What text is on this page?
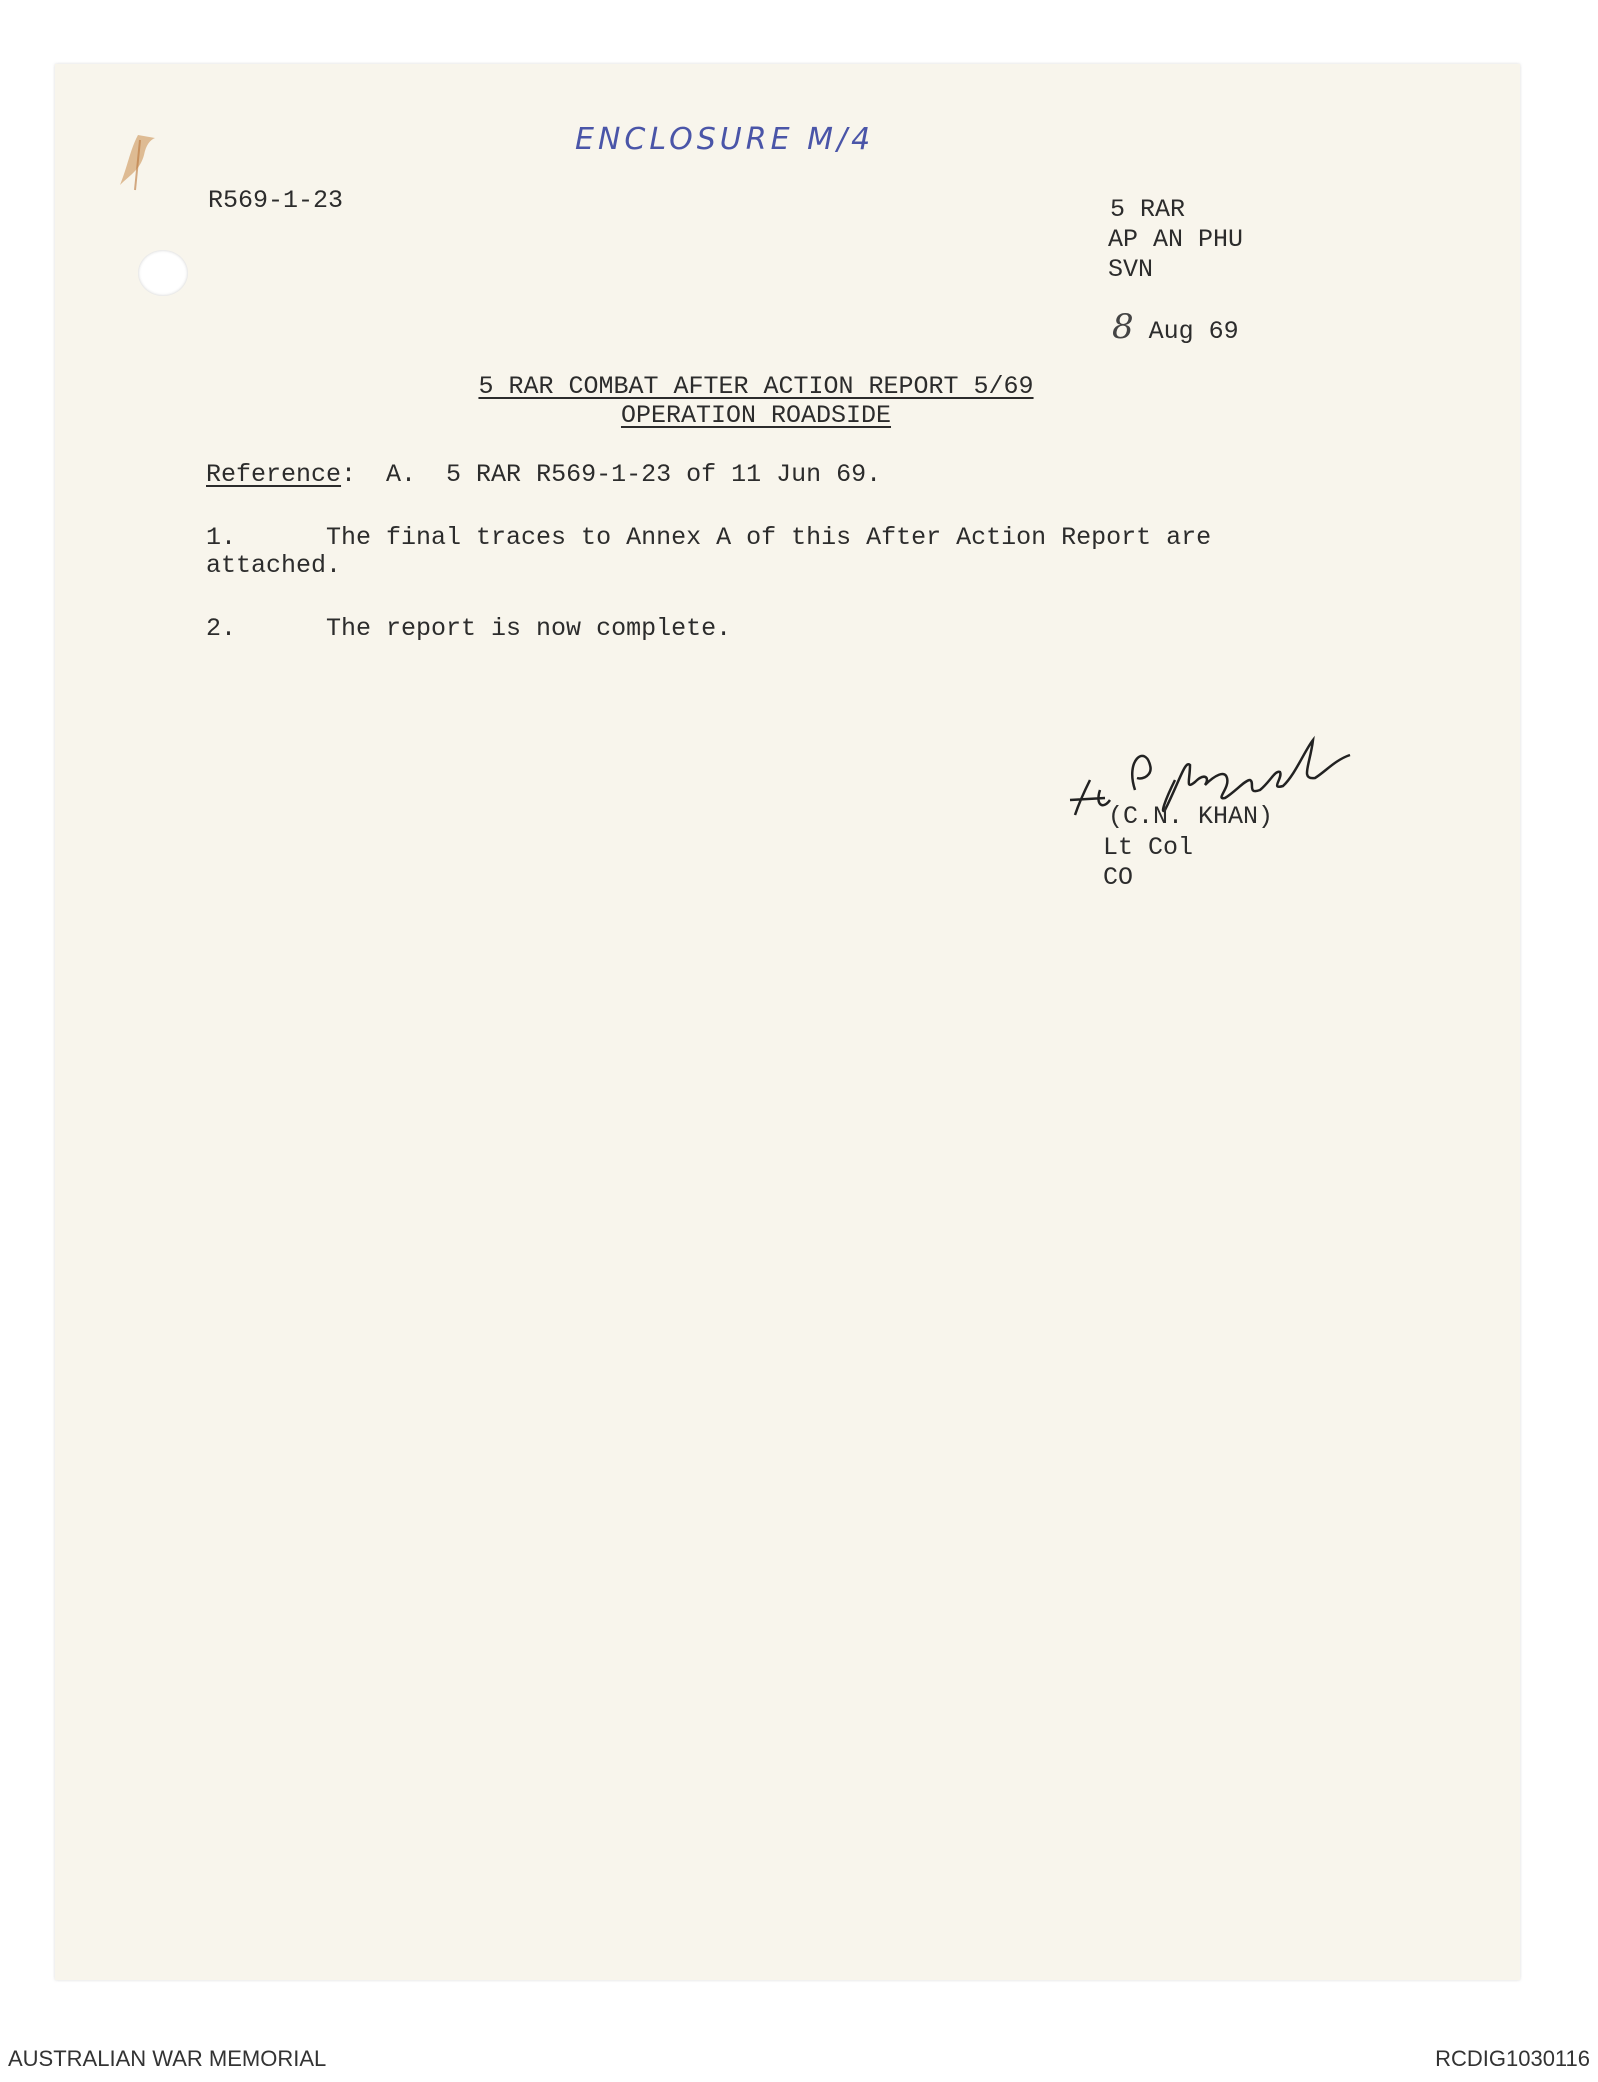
ENCLOSURE M/4
R569-1-23	5 RAR
AP AN PHU
SVN
8 Aug 69
5 RAR COMBAT AFTER ACTION REPORT 5/69
OPERATION ROADSIDE
Reference:  A.  5 RAR R569-1-23 of 11 Jun 69.
1.      The final traces to Annex A of this After Action Report are
attached.
2.      The report is now complete.
(C.N. KHAN)
Lt Col
CO
AUSTRALIAN WAR MEMORIAL	RCDIG1030116
